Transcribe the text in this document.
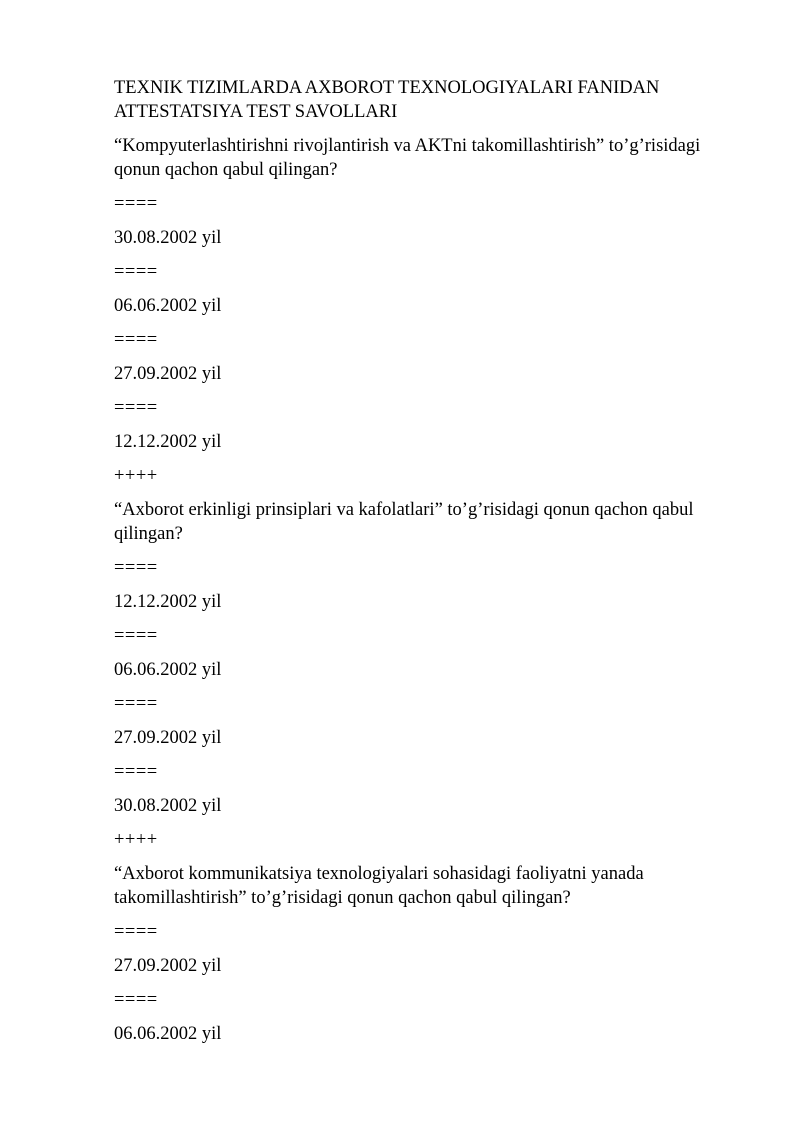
TEXNIK TIZIMLARDA AXBOROT TEXNOLOGIYALARI FANIDAN ATTESTATSIYA TEST SAVOLLARI

“Kompyuterlashtirishni rivojlantirish va AKTni takomillashtirish” to’g’risidagi qonun qachon qabul qilingan?

====

30.08.2002 yil

====

06.06.2002 yil

====

27.09.2002 yil

====

12.12.2002 yil

++++

“Axborot erkinligi prinsiplari va kafolatlari” to’g’risidagi qonun qachon qabul qilingan?

====

12.12.2002 yil

====

06.06.2002 yil

====

27.09.2002 yil

====

30.08.2002 yil

++++

“Axborot kommunikatsiya texnologiyalari sohasidagi faoliyatni yanada takomillashtirish” to’g’risidagi qonun qachon qabul qilingan?

====

27.09.2002 yil

====

06.06.2002 yil
